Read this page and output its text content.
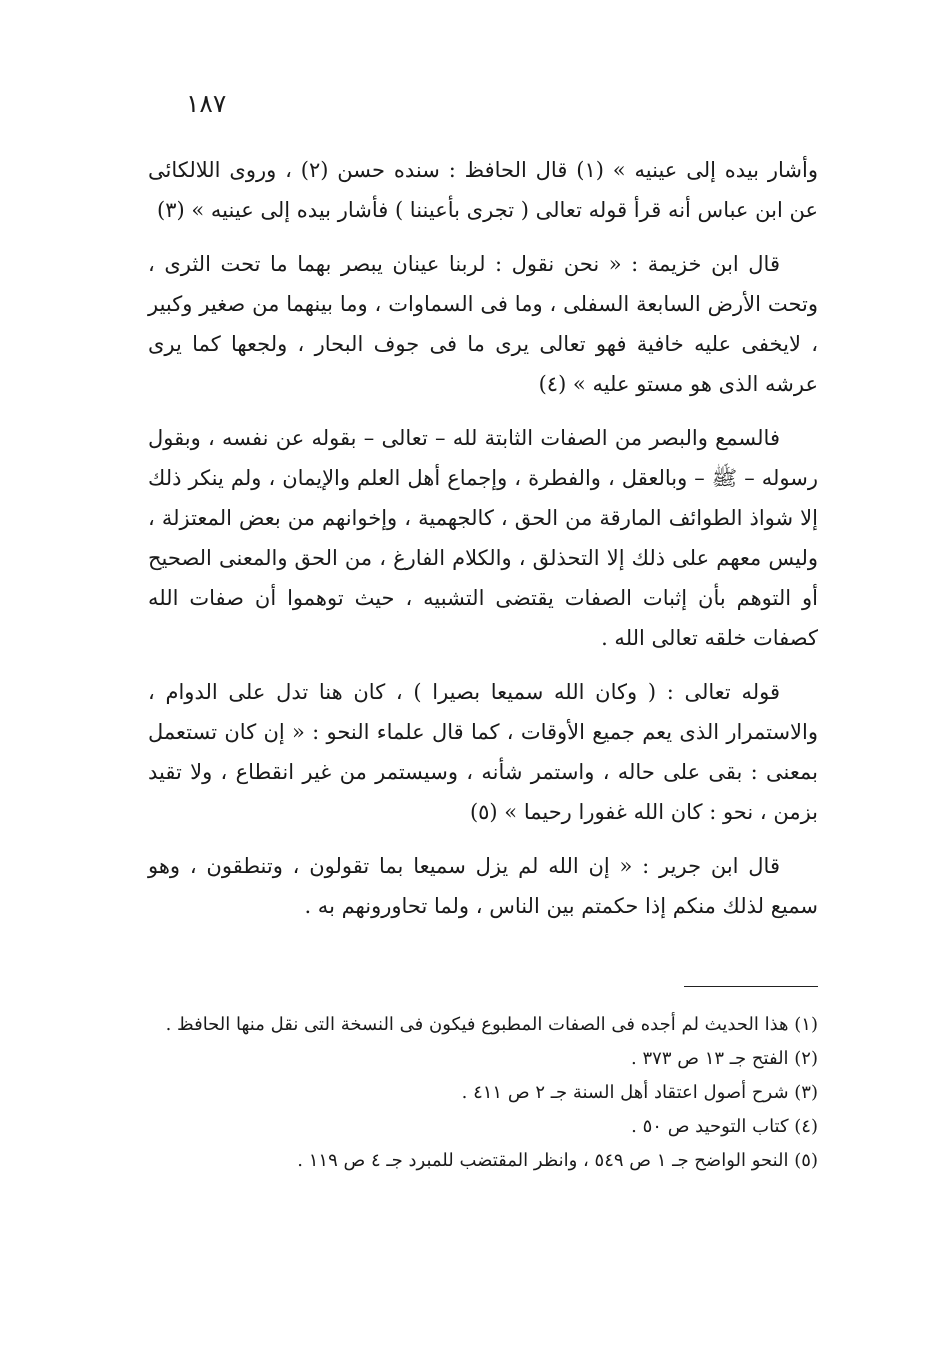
١٨٧

وأشار بيده إلى عينيه » (١) قال الحافظ : سنده حسن (٢) ، وروى اللالكائى عن ابن عباس أنه قرأ قوله تعالى ( تجرى بأعيننا ) فأشار بيده إلى عينيه » (٣)

قال ابن خزيمة : « نحن نقول : لربنا عينان يبصر بهما ما تحت الثرى ، وتحت الأرض السابعة السفلى ، وما فى السماوات ، وما بينهما من صغير وكبير ، لايخفى عليه خافية فهو تعالى يرى ما فى جوف البحار ، ولجعها كما يرى عرشه الذى هو مستو عليه » (٤)

فالسمع والبصر من الصفات الثابتة لله – تعالى – بقوله عن نفسه ، وبقول رسوله – ﷺ – وبالعقل ، والفطرة ، وإجماع أهل العلم والإيمان ، ولم ينكر ذلك إلا شواذ الطوائف المارقة من الحق ، كالجهمية ، وإخوانهم من بعض المعتزلة ، وليس معهم على ذلك إلا التحذلق ، والكلام الفارغ ، من الحق والمعنى الصحيح أو التوهم بأن إثبات الصفات يقتضى التشبيه ، حيث توهموا أن صفات الله كصفات خلقه تعالى الله .

قوله تعالى : ( وكان الله سميعا بصيرا ) ، كان هنا تدل على الدوام ، والاستمرار الذى يعم جميع الأوقات ، كما قال علماء النحو : « إن كان تستعمل بمعنى : بقى على حاله ، واستمر شأنه ، وسيستمر من غير انقطاع ، ولا تقيد بزمن ، نحو : كان الله غفورا رحيما » (٥)

قال ابن جرير : « إن الله لم يزل سميعا بما تقولون ، وتنطقون ، وهو سميع لذلك منكم إذا حكمتم بين الناس ، ولما تحاورونهم به .

(١) هذا الحديث لم أجده فى الصفات المطبوع فيكون فى النسخة التى نقل منها الحافظ .

(٢) الفتح جـ ١٣ ص ٣٧٣ .

(٣) شرح أصول اعتقاد أهل السنة جـ ٢ ص ٤١١ .

(٤) كتاب التوحيد ص ٥٠ .

(٥) النحو الواضح جـ ١ ص ٥٤٩ ، وانظر المقتضب للمبرد جـ ٤ ص ١١٩ .
